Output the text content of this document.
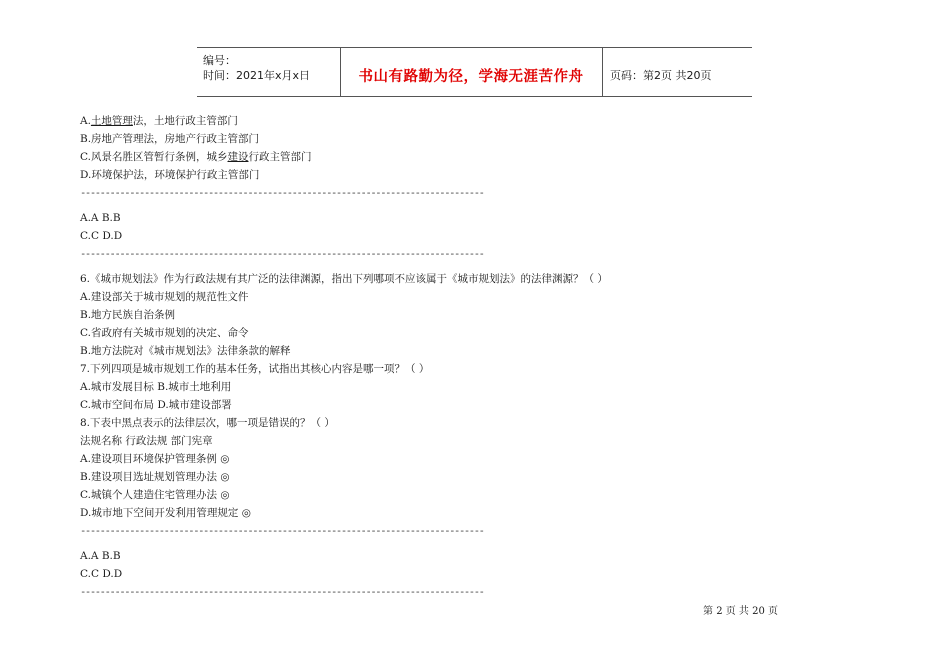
编号：
时间：2021年x月x日	书山有路勤为径，学海无涯苦作舟	页码：第2页 共20页
A.土地管理法，土地行政主管部门
B.房地产管理法，房地产行政主管部门
C.风景名胜区管暂行条例，城乡建设行政主管部门
D.环境保护法，环境保护行政主管部门
----------------------------------------------------------------------------------
A.A B.B
C.C D.D
----------------------------------------------------------------------------------
6.《城市规划法》作为行政法规有其广泛的法律渊源，指出下列哪项不应该属于《城市规划法》的法律渊源？（ ）
A.建设部关于城市规划的规范性文件
B.地方民族自治条例
C.省政府有关城市规划的决定、命令
B.地方法院对《城市规划法》法律条款的解释
7.下列四项是城市规划工作的基本任务，试指出其核心内容是哪一项？（ ）
A.城市发展目标 B.城市土地利用
C.城市空间布局 D.城市建设部署
8.下表中黑点表示的法律层次，哪一项是错误的？（ ）
法规名称 行政法规 部门宪章
A.建设项目环境保护管理条例 ◎
B.建设项目选址规划管理办法 ◎
C.城镇个人建造住宅管理办法 ◎
D.城市地下空间开发利用管理规定 ◎
----------------------------------------------------------------------------------
A.A B.B
C.C D.D
----------------------------------------------------------------------------------
第 2 页 共 20 页
